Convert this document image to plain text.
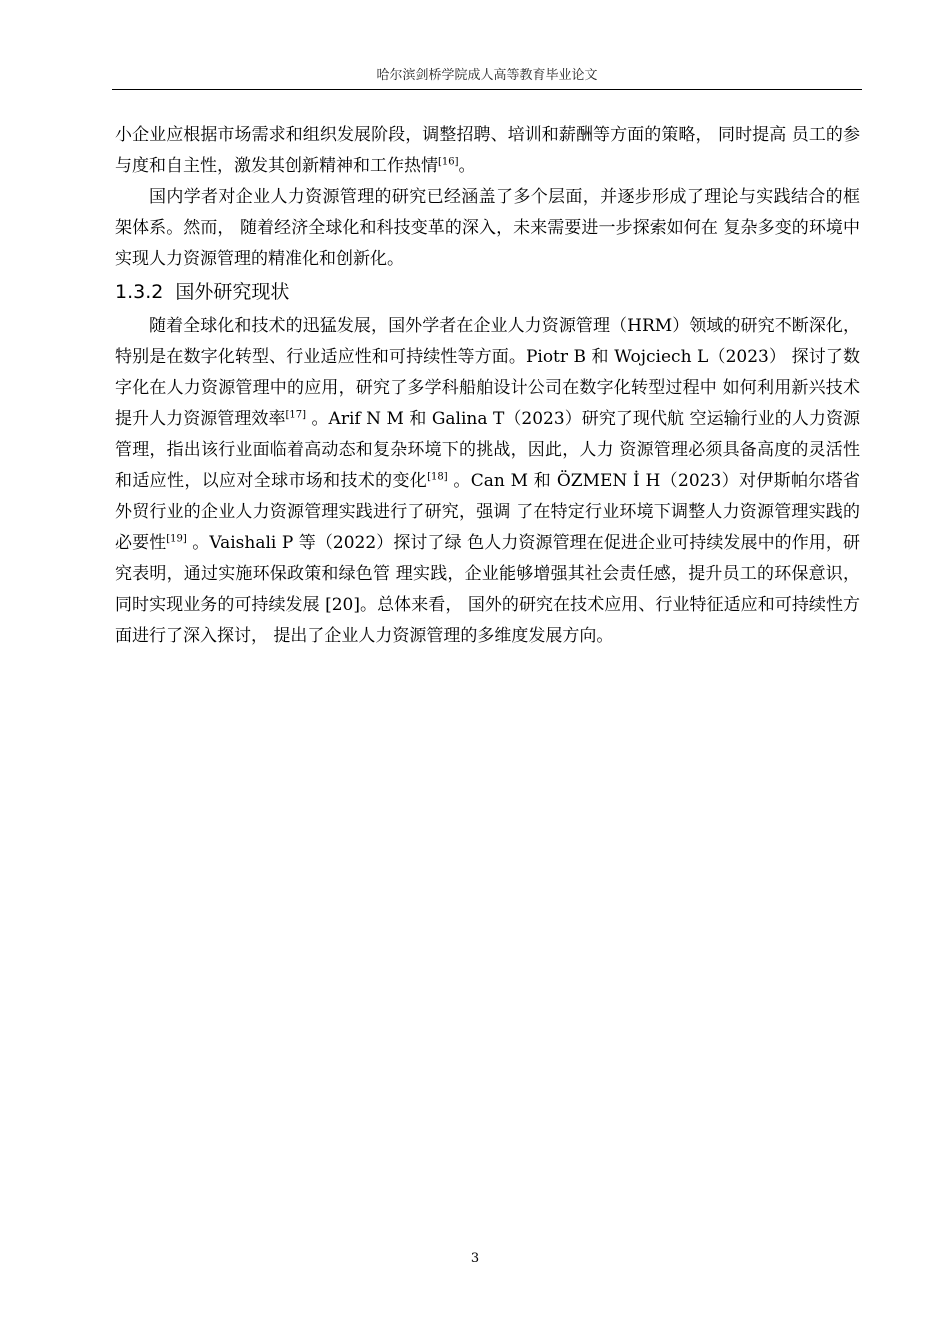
哈尔滨剑桥学院成人高等教育毕业论文

小企业应根据市场需求和组织发展阶段，调整招聘、培训和薪酬等方面的策略， 同时提高 员工的参与度和自主性，激发其创新精神和工作热情[16]。

国内学者对企业人力资源管理的研究已经涵盖了多个层面，并逐步形成了理论与实践结合的框架体系。然而， 随着经济全球化和科技变革的深入，未来需要进一步探索如何在 复杂多变的环境中实现人力资源管理的精准化和创新化。

1.3.2 国外研究现状

随着全球化和技术的迅猛发展，国外学者在企业人力资源管理（HRM）领域的研究不断深化，特别是在数字化转型、行业适应性和可持续性等方面。Piotr B 和 Wojciech L（2023） 探讨了数字化在人力资源管理中的应用，研究了多学科船舶设计公司在数字化转型过程中 如何利用新兴技术提升人力资源管理效率[17] 。Arif N M 和 Galina T（2023）研究了现代航 空运输行业的人力资源管理，指出该行业面临着高动态和复杂环境下的挑战，因此，人力 资源管理必须具备高度的灵活性和适应性，以应对全球市场和技术的变化[18] 。Can M 和 ÖZMEN İ H（2023）对伊斯帕尔塔省外贸行业的企业人力资源管理实践进行了研究，强调 了在特定行业环境下调整人力资源管理实践的必要性[19] 。Vaishali P 等（2022）探讨了绿 色人力资源管理在促进企业可持续发展中的作用，研究表明，通过实施环保政策和绿色管 理实践，企业能够增强其社会责任感，提升员工的环保意识，同时实现业务的可持续发展 [20]。总体来看， 国外的研究在技术应用、行业特征适应和可持续性方面进行了深入探讨， 提出了企业人力资源管理的多维度发展方向。

3
